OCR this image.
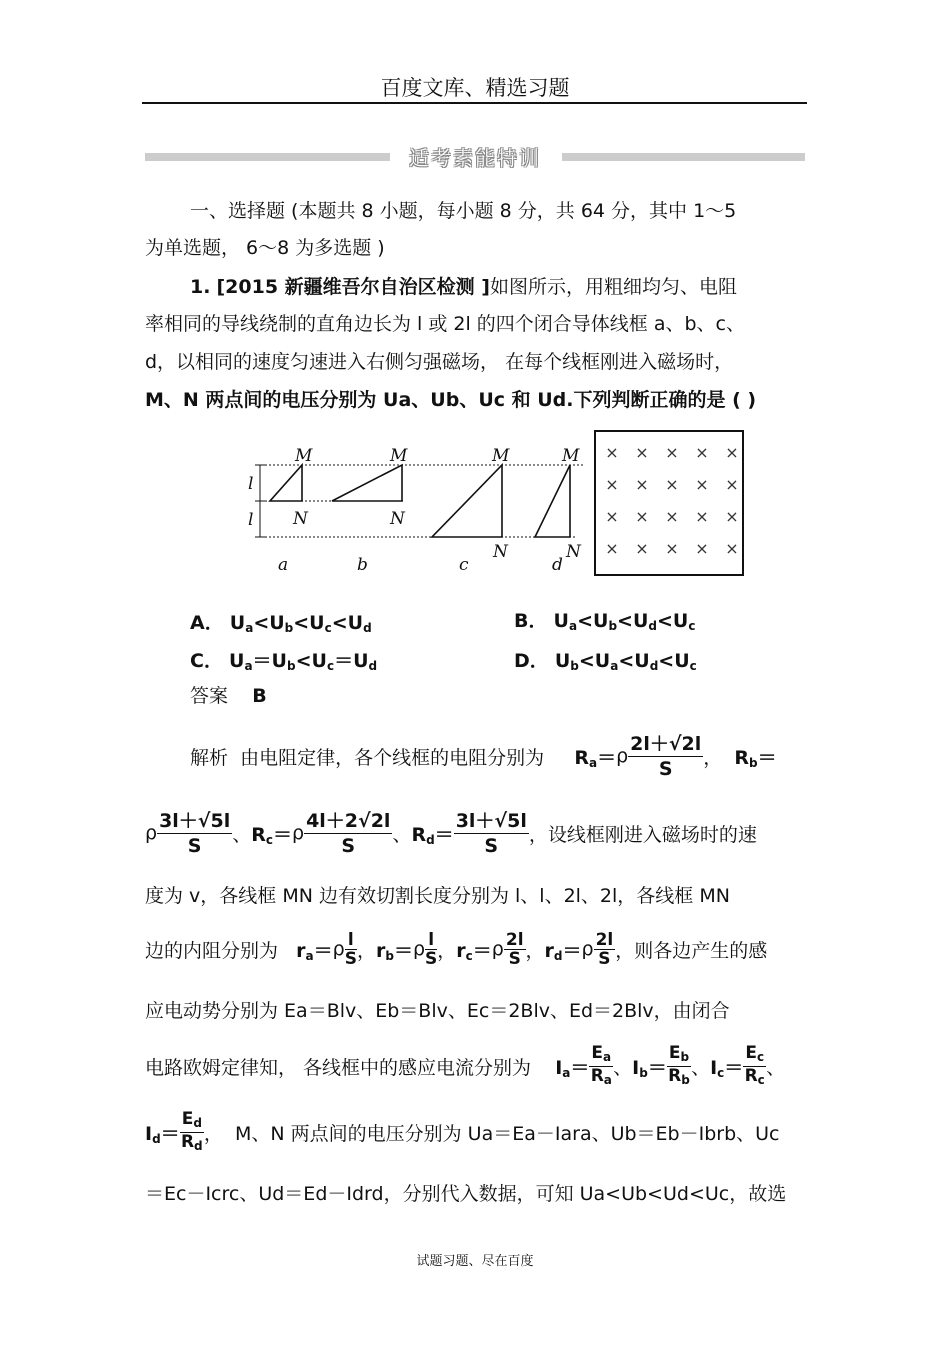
百度文库、精选习题
适考素能特训
一、选择题 (本题共 8 小题，每小题 8 分，共 64 分，其中 1～5
为单选题， 6～8 为多选题 )
1. [2015 新疆维吾尔自治区检测 ]如图所示，用粗细均匀、电阻
率相同的导线绕制的直角边长为 l 或 2l 的四个闭合导体线框 a、b、c、
d，以相同的速度匀速进入右侧匀强磁场， 在每个线框刚进入磁场时，
M、N 两点间的电压分别为 Ua、Ub、Uc 和 Ud.下列判断正确的是 ( )
l
l
M
N
a
M
N
b
M
N
c
M
N
d
× × × × ×
× × × × ×
× × × × ×
× × × × ×
A． $U_a<U_b<U_c<U_d$	B． $U_a<U_b<U_d<U_c$
C． $U_a=U_b<U_c=U_d$	D． $U_b<U_a<U_d<U_c$
答案 B
解析
由电阻定律，各个线框的电阻分别为
$R_a= \rho \frac{2l+√2l}{S}$ ， $R_b=$
ρ $\frac{3l+√5l}{S}$ 、 $R_c= \rho \frac{4l+2√2l}{S}$ 、 $R_d= \frac{3l+√5l}{S}$ ，设线框刚进入磁场时的速
度为 v，各线框 MN 边有效切割长度分别为 l、l、2l、2l，各线框 MN
边的内阻分别为
$r_a= \rho \frac{l}{S}$ ， $r_b= \rho \frac{l}{S}$ ， $r_c= \rho \frac{2l}{S}$ ， $r_d= \rho \frac{2l}{S}$ ，则各边产生的感
应电动势分别为 Ea＝Blv、Eb＝Blv、Ec＝2Blv、Ed＝2Blv，由闭合
电路欧姆定律知， 各线框中的感应电流分别为
$I_a= \frac{E_a}{R_a}$ 、 $I_b= \frac{E_b}{R_b}$ 、 $I_c= \frac{E_c}{R_c}$ 、
$I_d= \frac{E_d}{R_d}$ ， M、N 两点间的电压分别为 Ua＝Ea－Iara、Ub＝Eb－Ibrb、Uc
＝Ec－Icrc、Ud＝Ed－Idrd，分别代入数据，可知 Ua<Ub<Ud<Uc，故选
试题习题、尽在百度
